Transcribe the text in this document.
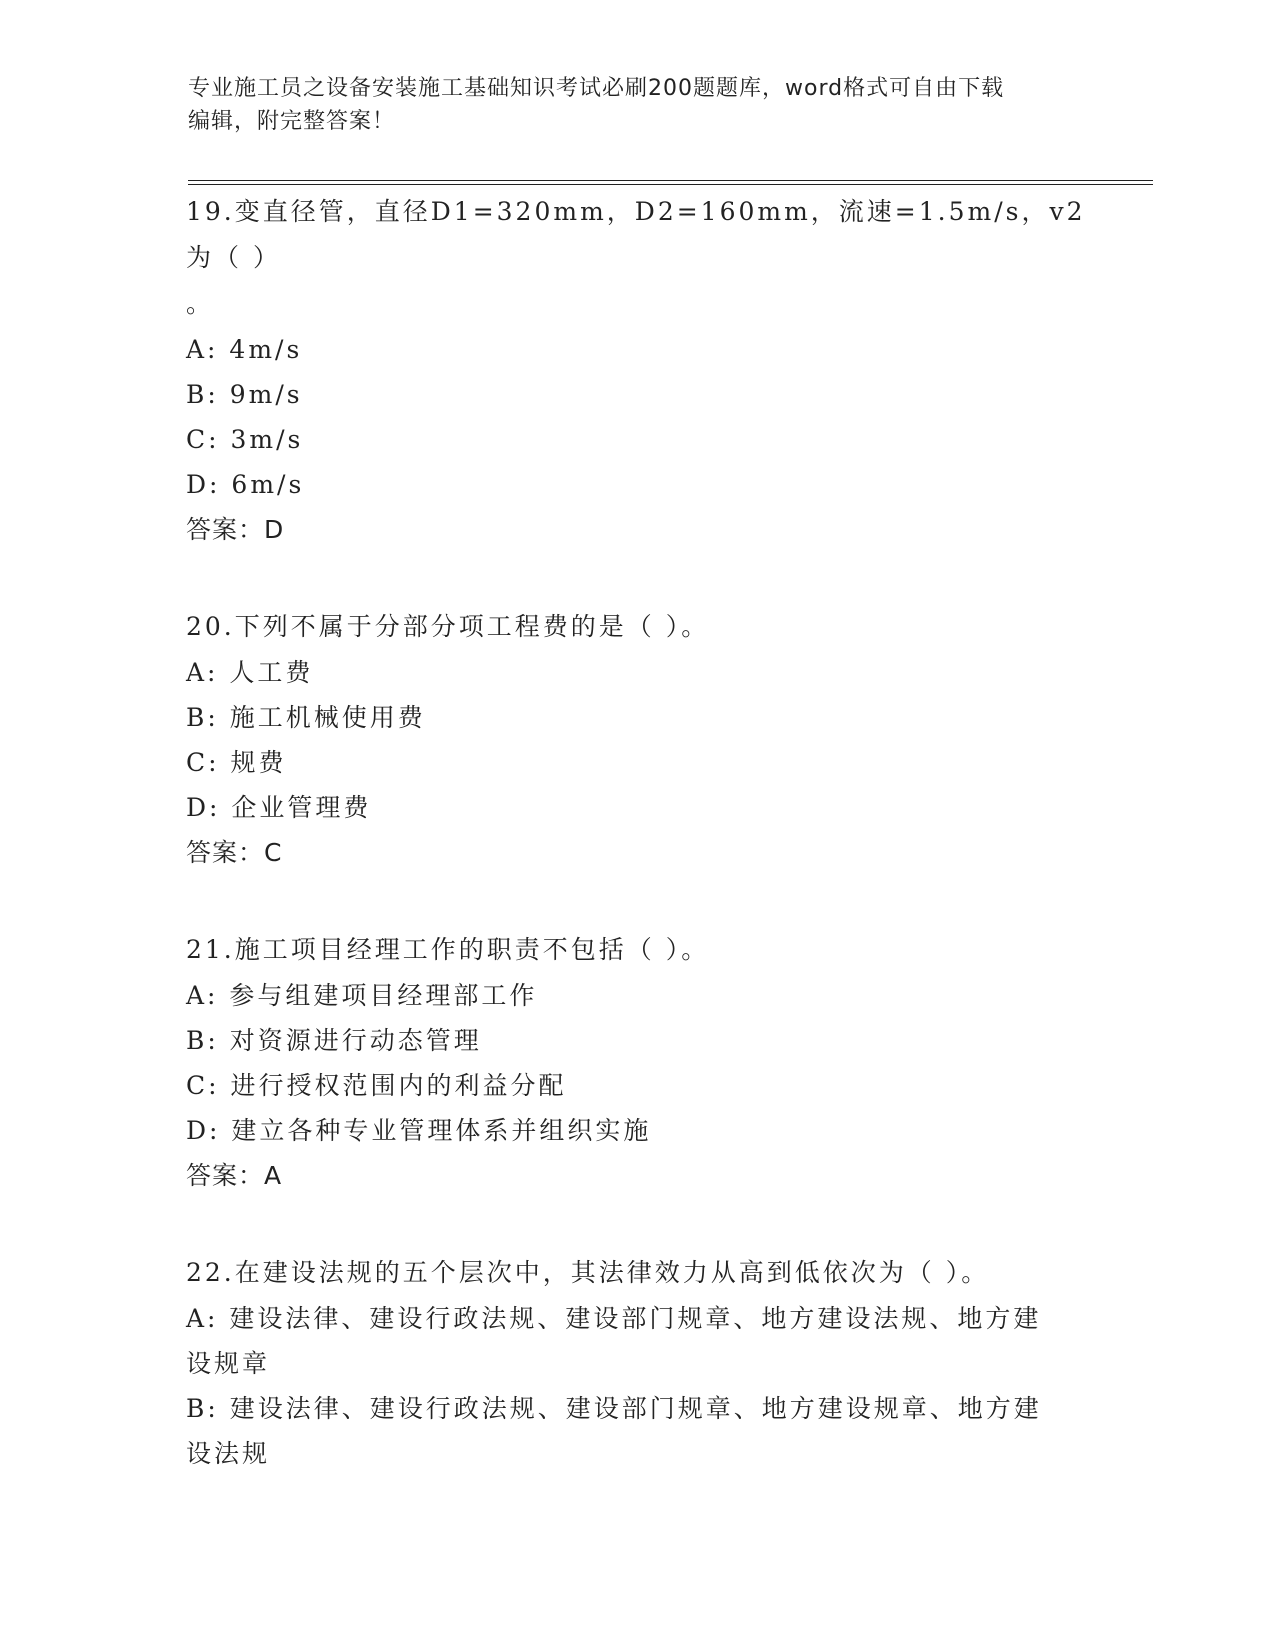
专业施工员之设备安装施工基础知识考试必刷200题题库，word格式可自由下载
编辑，附完整答案！

19.变直径管，直径D1=320mm，D2=160mm，流速=1.5m/s，v2为（ ）

。

A: 4m/s

B: 9m/s

C: 3m/s

D: 6m/s

答案：D

20.下列不属于分部分项工程费的是（ ）。

A: 人工费

B: 施工机械使用费

C: 规费

D: 企业管理费

答案：C

21.施工项目经理工作的职责不包括（ ）。

A: 参与组建项目经理部工作

B: 对资源进行动态管理

C: 进行授权范围内的利益分配

D: 建立各种专业管理体系并组织实施

答案：A

22.在建设法规的五个层次中，其法律效力从高到低依次为（ ）。

A: 建设法律、建设行政法规、建设部门规章、地方建设法规、地方建

设规章

B: 建设法律、建设行政法规、建设部门规章、地方建设规章、地方建

设法规
